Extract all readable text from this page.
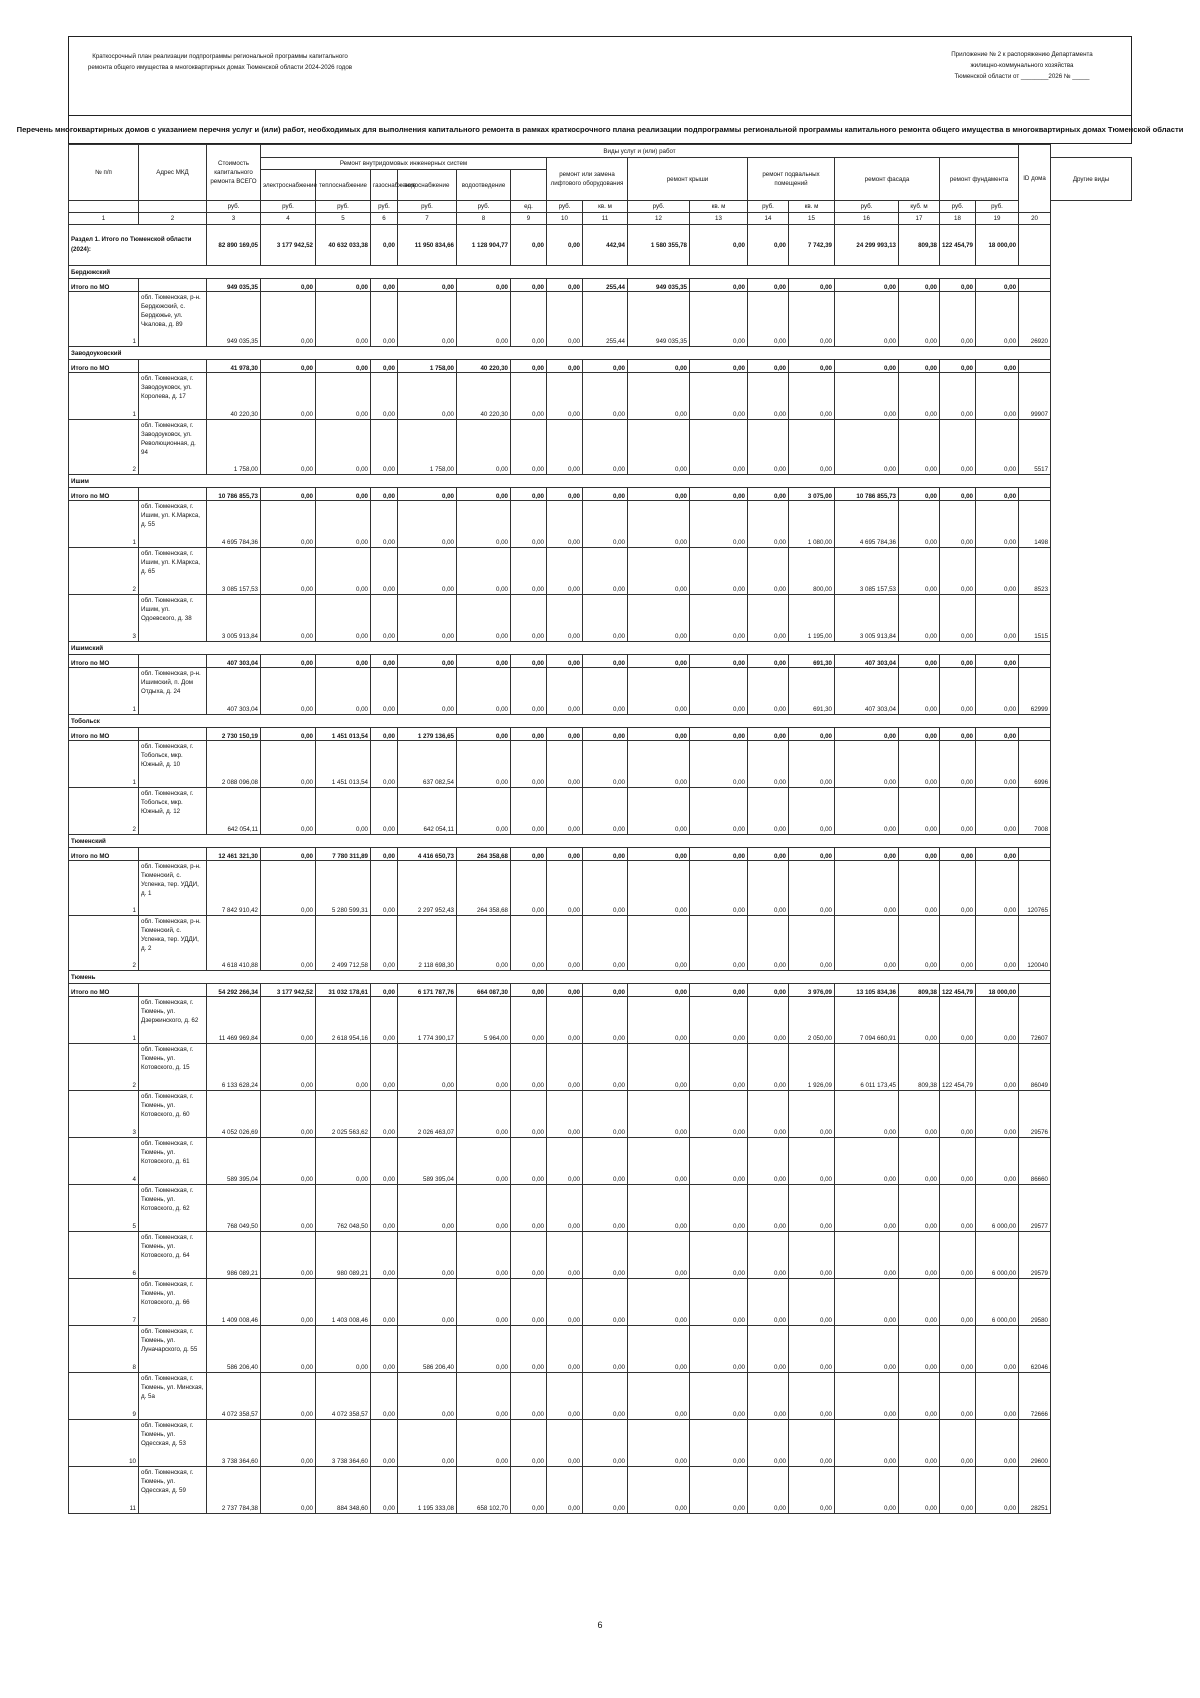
Краткосрочный план реализации подпрограммы региональной программы капитального
ремонта общего имущества в многоквартирных домах Тюменской области 2024-2026 годов
Приложение № 2 к распоряжению Департамента
жилищно-коммунального хозяйства
Тюменской области от ________2026 № _____
Перечень многоквартирных домов с указанием перечня услуг и (или) работ, необходимых для выполнения капитального ремонта в рамках краткосрочного плана реализации подпрограммы региональной программы капитального ремонта общего имущества в многоквартирных домах Тюменской области
№ п/п	Адрес МКД	Стоимость капитального ремонта ВСЕГО	Виды услуг и (или) работ																ID дома	
			Ремонт внутридомовых инженерных систем						ремонт или замена лифтового оборудования		ремонт крыши		ремонт подвальных помещений		ремонт фасада		ремонт фундамента			Другие виды
			электроснабжение	теплоснабжение	газоснабжение	водоснабжение	водоотведение													
		руб.	руб.	руб.	руб.	руб.	руб.	ед.	руб.	кв. м	руб.	кв. м	руб.	кв. м	руб.	куб. м	руб.	руб.		
1	2	3	4	5	6	7	8	9	10	11	12	13	14	15	16	17	18	19	20	
Раздел 1. Итого по Тюменской области (2024):		82 890 169,05	3 177 942,52	40 632 033,38	0,00	11 950 834,66	1 128 904,77	0,00	0,00	442,94	1 580 355,78	0,00	0,00	7 742,39	24 299 993,13	809,38	122 454,79	18 000,00		
Бердюжский																				
Итого по МО		949 035,35	0,00	0,00	0,00	0,00	0,00	0,00	0,00	255,44	949 035,35	0,00	0,00	0,00	0,00	0,00	0,00	0,00		
1	обл. Тюменская, р-н. Бердюжский, с. Бердюжье, ул. Чкалова, д. 89	949 035,35	0,00	0,00	0,00	0,00	0,00	0,00	0,00	255,44	949 035,35	0,00	0,00	0,00	0,00	0,00	0,00	0,00	26920	
Заводоуковский																				
Итого по МО		41 978,30	0,00	0,00	0,00	1 758,00	40 220,30	0,00	0,00	0,00	0,00	0,00	0,00	0,00	0,00	0,00	0,00	0,00		
1	обл. Тюменская, г. Заводоуковск, ул. Королева, д. 17	40 220,30	0,00	0,00	0,00	0,00	40 220,30	0,00	0,00	0,00	0,00	0,00	0,00	0,00	0,00	0,00	0,00	0,00	99907	
2	обл. Тюменская, г. Заводоуковск, ул. Революционная, д. 94	1 758,00	0,00	0,00	0,00	1 758,00	0,00	0,00	0,00	0,00	0,00	0,00	0,00	0,00	0,00	0,00	0,00	0,00	5517	
Ишим																				
Итого по МО		10 786 855,73	0,00	0,00	0,00	0,00	0,00	0,00	0,00	0,00	0,00	0,00	0,00	3 075,00	10 786 855,73	0,00	0,00	0,00		
1	обл. Тюменская, г. Ишим, ул. К.Маркса, д. 55	4 695 784,36	0,00	0,00	0,00	0,00	0,00	0,00	0,00	0,00	0,00	0,00	0,00	1 080,00	4 695 784,36	0,00	0,00	0,00	1498	
2	обл. Тюменская, г. Ишим, ул. К.Маркса, д. 65	3 085 157,53	0,00	0,00	0,00	0,00	0,00	0,00	0,00	0,00	0,00	0,00	0,00	800,00	3 085 157,53	0,00	0,00	0,00	8523	
3	обл. Тюменская, г. Ишим, ул. Одоевского, д. 38	3 005 913,84	0,00	0,00	0,00	0,00	0,00	0,00	0,00	0,00	0,00	0,00	0,00	1 195,00	3 005 913,84	0,00	0,00	0,00	1515	
Ишимский																				
Итого по МО		407 303,04	0,00	0,00	0,00	0,00	0,00	0,00	0,00	0,00	0,00	0,00	0,00	691,30	407 303,04	0,00	0,00	0,00		
1	обл. Тюменская, р-н. Ишимский, п. Дом Отдыха, д. 24	407 303,04	0,00	0,00	0,00	0,00	0,00	0,00	0,00	0,00	0,00	0,00	0,00	691,30	407 303,04	0,00	0,00	0,00	62999	
Тобольск																				
Итого по МО		2 730 150,19	0,00	1 451 013,54	0,00	1 279 136,65	0,00	0,00	0,00	0,00	0,00	0,00	0,00	0,00	0,00	0,00	0,00	0,00		
1	обл. Тюменская, г. Тобольск, мкр. Южный, д. 10	2 088 096,08	0,00	1 451 013,54	0,00	637 082,54	0,00	0,00	0,00	0,00	0,00	0,00	0,00	0,00	0,00	0,00	0,00	0,00	6996	
2	обл. Тюменская, г. Тобольск, мкр. Южный, д. 12	642 054,11	0,00	0,00	0,00	642 054,11	0,00	0,00	0,00	0,00	0,00	0,00	0,00	0,00	0,00	0,00	0,00	0,00	7008	
Тюменский																				
Итого по МО		12 461 321,30	0,00	7 780 311,89	0,00	4 416 650,73	264 358,68	0,00	0,00	0,00	0,00	0,00	0,00	0,00	0,00	0,00	0,00	0,00		
1	обл. Тюменская, р-н. Тюменский, с. Успенка, тер. УДДИ, д. 1	7 842 910,42	0,00	5 280 599,31	0,00	2 297 952,43	264 358,68	0,00	0,00	0,00	0,00	0,00	0,00	0,00	0,00	0,00	0,00	0,00	120765	
2	обл. Тюменская, р-н. Тюменский, с. Успенка, тер. УДДИ, д. 2	4 618 410,88	0,00	2 499 712,58	0,00	2 118 698,30	0,00	0,00	0,00	0,00	0,00	0,00	0,00	0,00	0,00	0,00	0,00	0,00	120040	
Тюмень																				
Итого по МО		54 292 266,34	3 177 942,52	31 032 178,61	0,00	6 171 787,76	664 087,30	0,00	0,00	0,00	0,00	0,00	0,00	3 976,09	13 105 834,36	809,38	122 454,79	18 000,00		
1	обл. Тюменская, г. Тюмень, ул. Дзержинского, д. 62	11 469 969,84	0,00	2 618 954,16	0,00	1 774 390,17	5 964,00	0,00	0,00	0,00	0,00	0,00	0,00	2 050,00	7 094 660,91	0,00	0,00	0,00	72607	
2	обл. Тюменская, г. Тюмень, ул. Котовского, д. 15	6 133 628,24	0,00	0,00	0,00	0,00	0,00	0,00	0,00	0,00	0,00	0,00	0,00	1 926,09	6 011 173,45	809,38	122 454,79	0,00	86049	
3	обл. Тюменская, г. Тюмень, ул. Котовского, д. 60	4 052 026,69	0,00	2 025 563,62	0,00	2 026 463,07	0,00	0,00	0,00	0,00	0,00	0,00	0,00	0,00	0,00	0,00	0,00	0,00	29576	
4	обл. Тюменская, г. Тюмень, ул. Котовского, д. 61	589 395,04	0,00	0,00	0,00	589 395,04	0,00	0,00	0,00	0,00	0,00	0,00	0,00	0,00	0,00	0,00	0,00	0,00	86660	
5	обл. Тюменская, г. Тюмень, ул. Котовского, д. 62	768 049,50	0,00	762 048,50	0,00	0,00	0,00	0,00	0,00	0,00	0,00	0,00	0,00	0,00	0,00	0,00	0,00	6 000,00	29577	
6	обл. Тюменская, г. Тюмень, ул. Котовского, д. 64	986 089,21	0,00	980 089,21	0,00	0,00	0,00	0,00	0,00	0,00	0,00	0,00	0,00	0,00	0,00	0,00	0,00	6 000,00	29579	
7	обл. Тюменская, г. Тюмень, ул. Котовского, д. 66	1 409 008,46	0,00	1 403 008,46	0,00	0,00	0,00	0,00	0,00	0,00	0,00	0,00	0,00	0,00	0,00	0,00	0,00	6 000,00	29580	
8	обл. Тюменская, г. Тюмень, ул. Луначарского, д. 55	586 206,40	0,00	0,00	0,00	586 206,40	0,00	0,00	0,00	0,00	0,00	0,00	0,00	0,00	0,00	0,00	0,00	0,00	62046	
9	обл. Тюменская, г. Тюмень, ул. Минская, д. 5а	4 072 358,57	0,00	4 072 358,57	0,00	0,00	0,00	0,00	0,00	0,00	0,00	0,00	0,00	0,00	0,00	0,00	0,00	0,00	72666	
10	обл. Тюменская, г. Тюмень, ул. Одесская, д. 53	3 738 364,60	0,00	3 738 364,60	0,00	0,00	0,00	0,00	0,00	0,00	0,00	0,00	0,00	0,00	0,00	0,00	0,00	0,00	29600	
11	обл. Тюменская, г. Тюмень, ул. Одесская, д. 59	2 737 784,38	0,00	884 348,60	0,00	1 195 333,08	658 102,70	0,00	0,00	0,00	0,00	0,00	0,00	0,00	0,00	0,00	0,00	0,00	28251	
6
